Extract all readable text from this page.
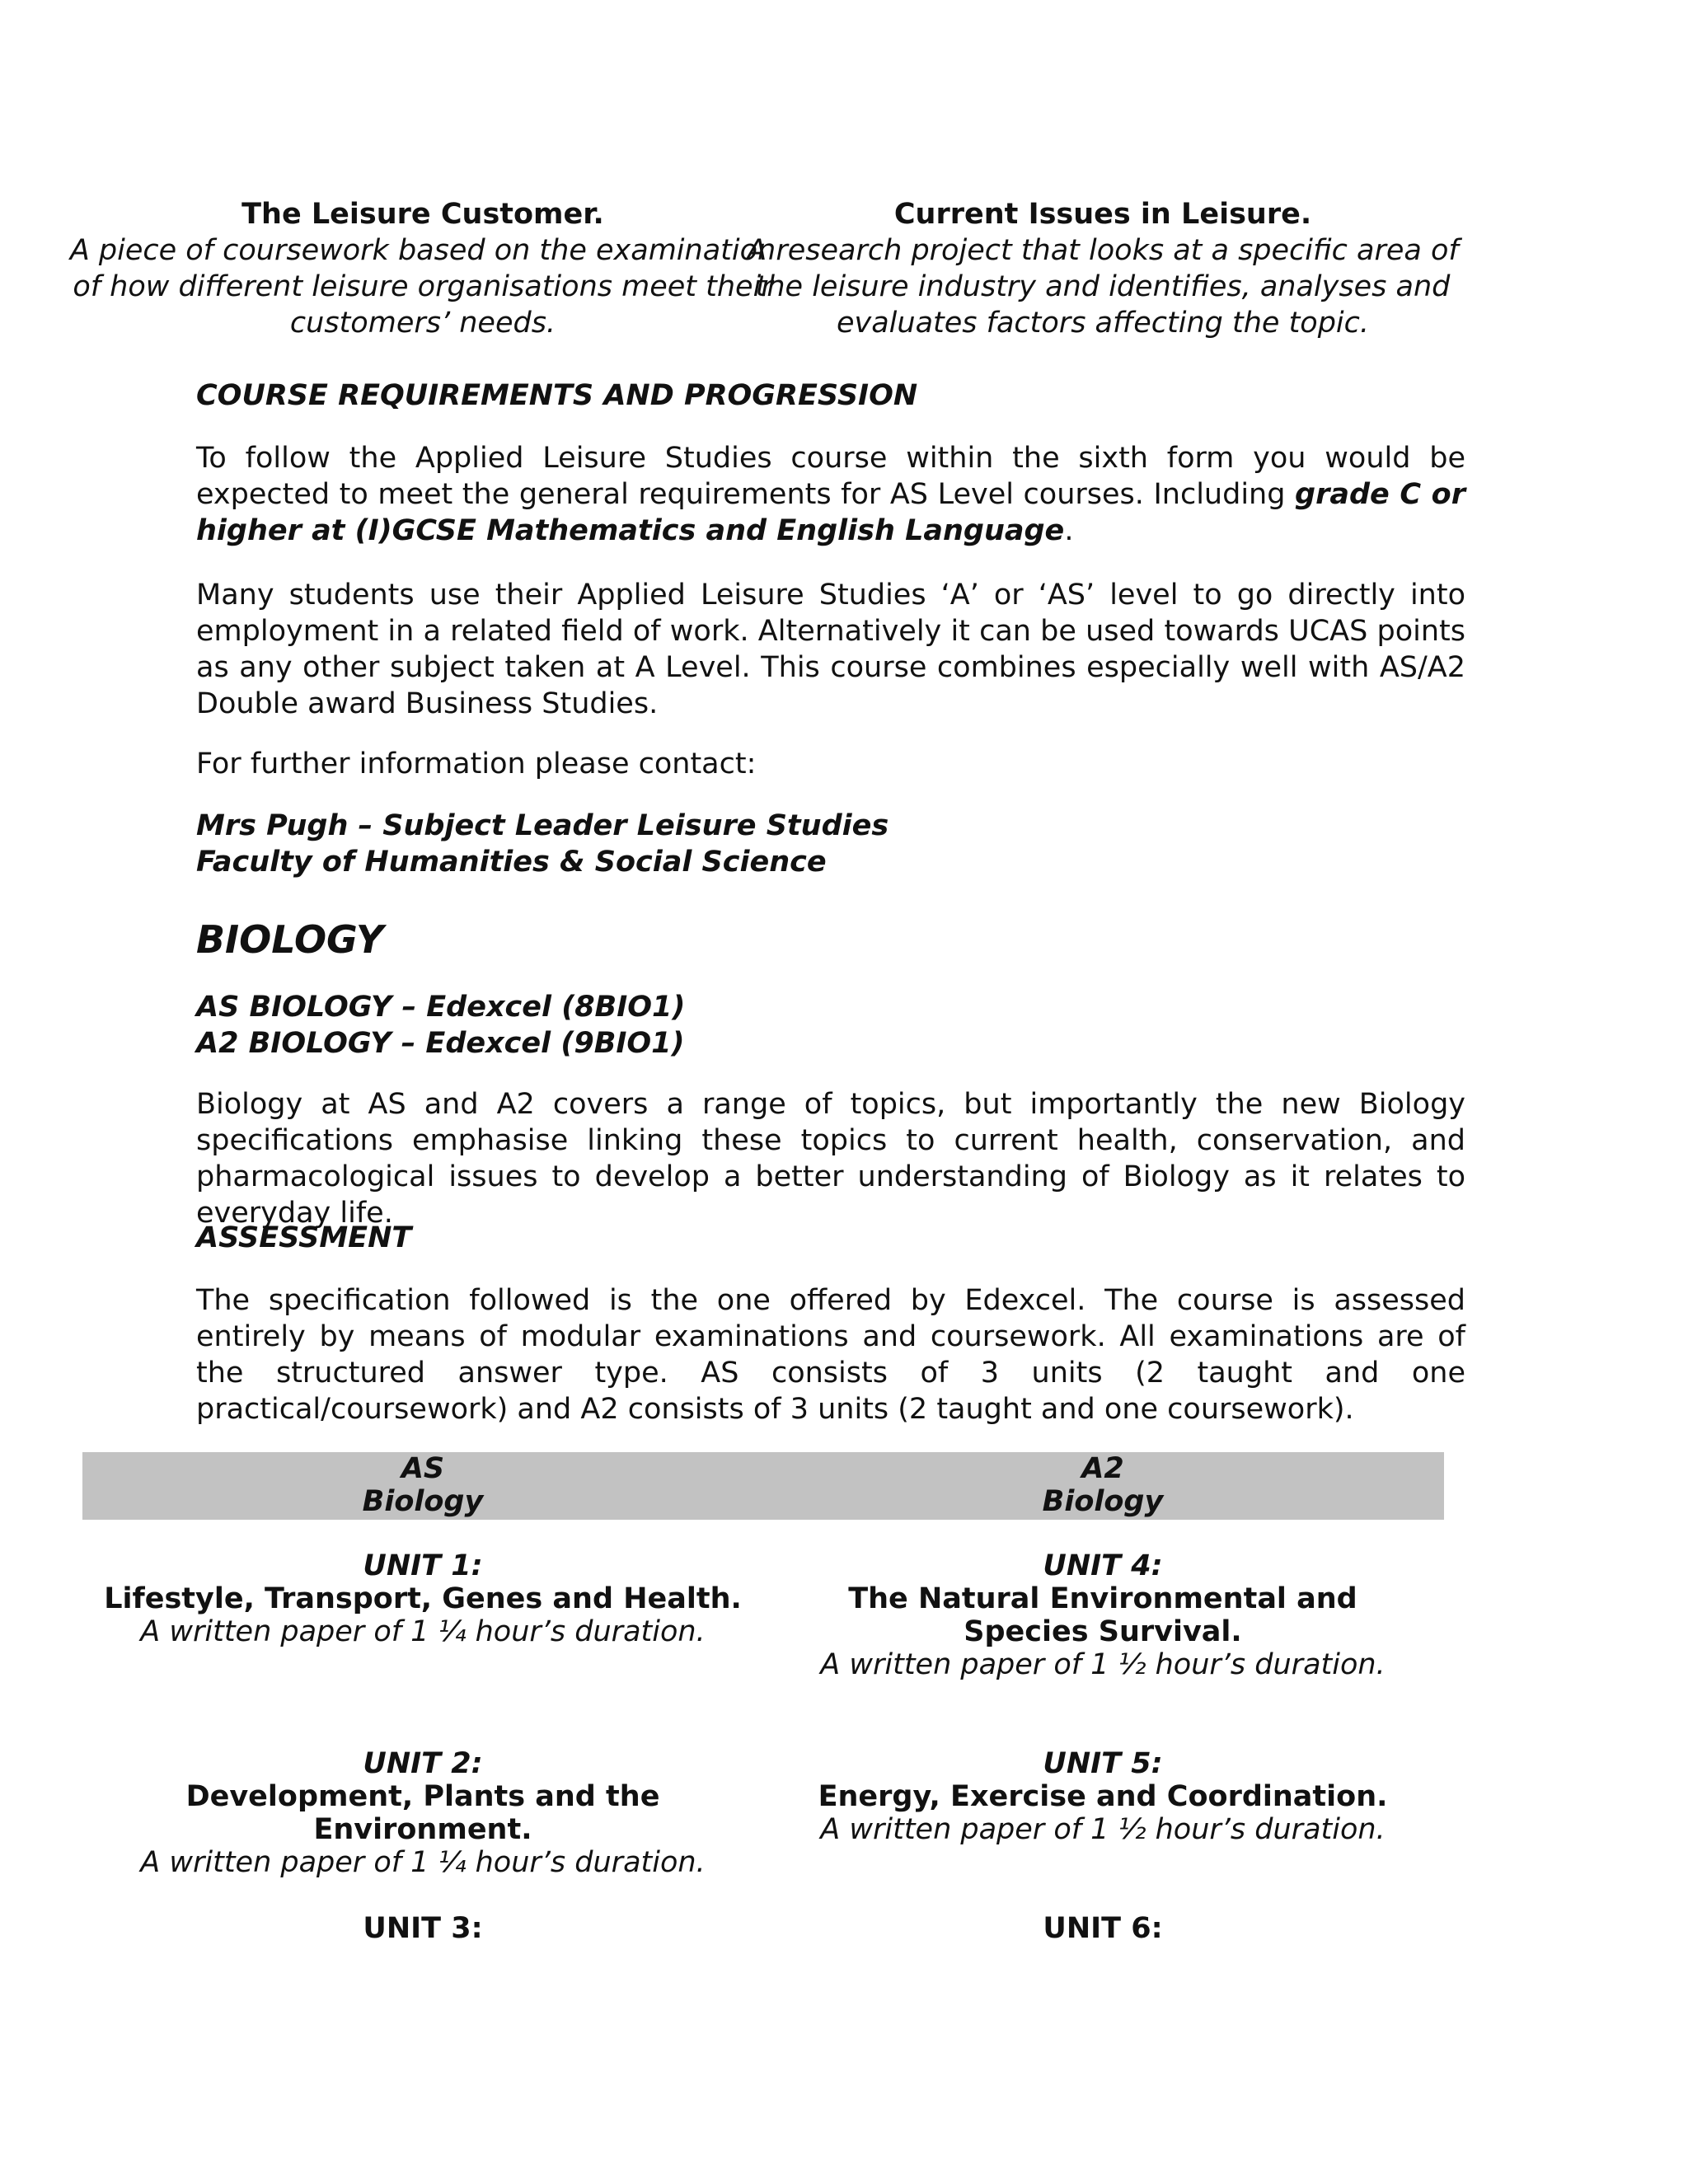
The Leisure Customer.
A piece of coursework based on the examination
of how different leisure organisations meet their
customers’ needs.
Current Issues in Leisure.
A research project that looks at a specific area of
the leisure industry and identifies, analyses and
evaluates factors affecting the topic.
COURSE REQUIREMENTS AND PROGRESSION
To follow the Applied Leisure Studies course within the sixth form you would be expected to meet the general requirements for AS Level courses. Including grade C or higher at (I)GCSE Mathematics and English Language.
Many students use their Applied Leisure Studies ‘A’ or ‘AS’ level to go directly into employment in a related field of work. Alternatively it can be used towards UCAS points as any other subject taken at A Level. This course combines especially well with AS/A2 Double award Business Studies.
For further information please contact:
Mrs Pugh – Subject Leader Leisure Studies
Faculty of Humanities & Social Science
BIOLOGY
AS BIOLOGY – Edexcel (8BIO1)
A2 BIOLOGY – Edexcel (9BIO1)
Biology at AS and A2 covers a range of topics, but importantly the new Biology specifications emphasise linking these topics to current health, conservation, and pharmacological issues to develop a better understanding of Biology as it relates to everyday life.
ASSESSMENT
The specification followed is the one offered by Edexcel. The course is assessed entirely by means of modular examinations and coursework. All examinations are of the structured answer type. AS consists of 3 units (2 taught and one practical/coursework) and A2 consists of 3 units (2 taught and one coursework).
AS
Biology
A2
Biology
UNIT 1:
Lifestyle, Transport, Genes and Health.
A written paper of 1 ¼ hour’s duration.
UNIT 4:
The Natural Environmental and Species Survival.
A written paper of 1 ½ hour’s duration.
UNIT 2:
Development, Plants and the Environment.
A written paper of 1 ¼ hour’s duration.
UNIT 5:
Energy, Exercise and Coordination.
A written paper of 1 ½ hour’s duration.
UNIT 3:	UNIT 6:
